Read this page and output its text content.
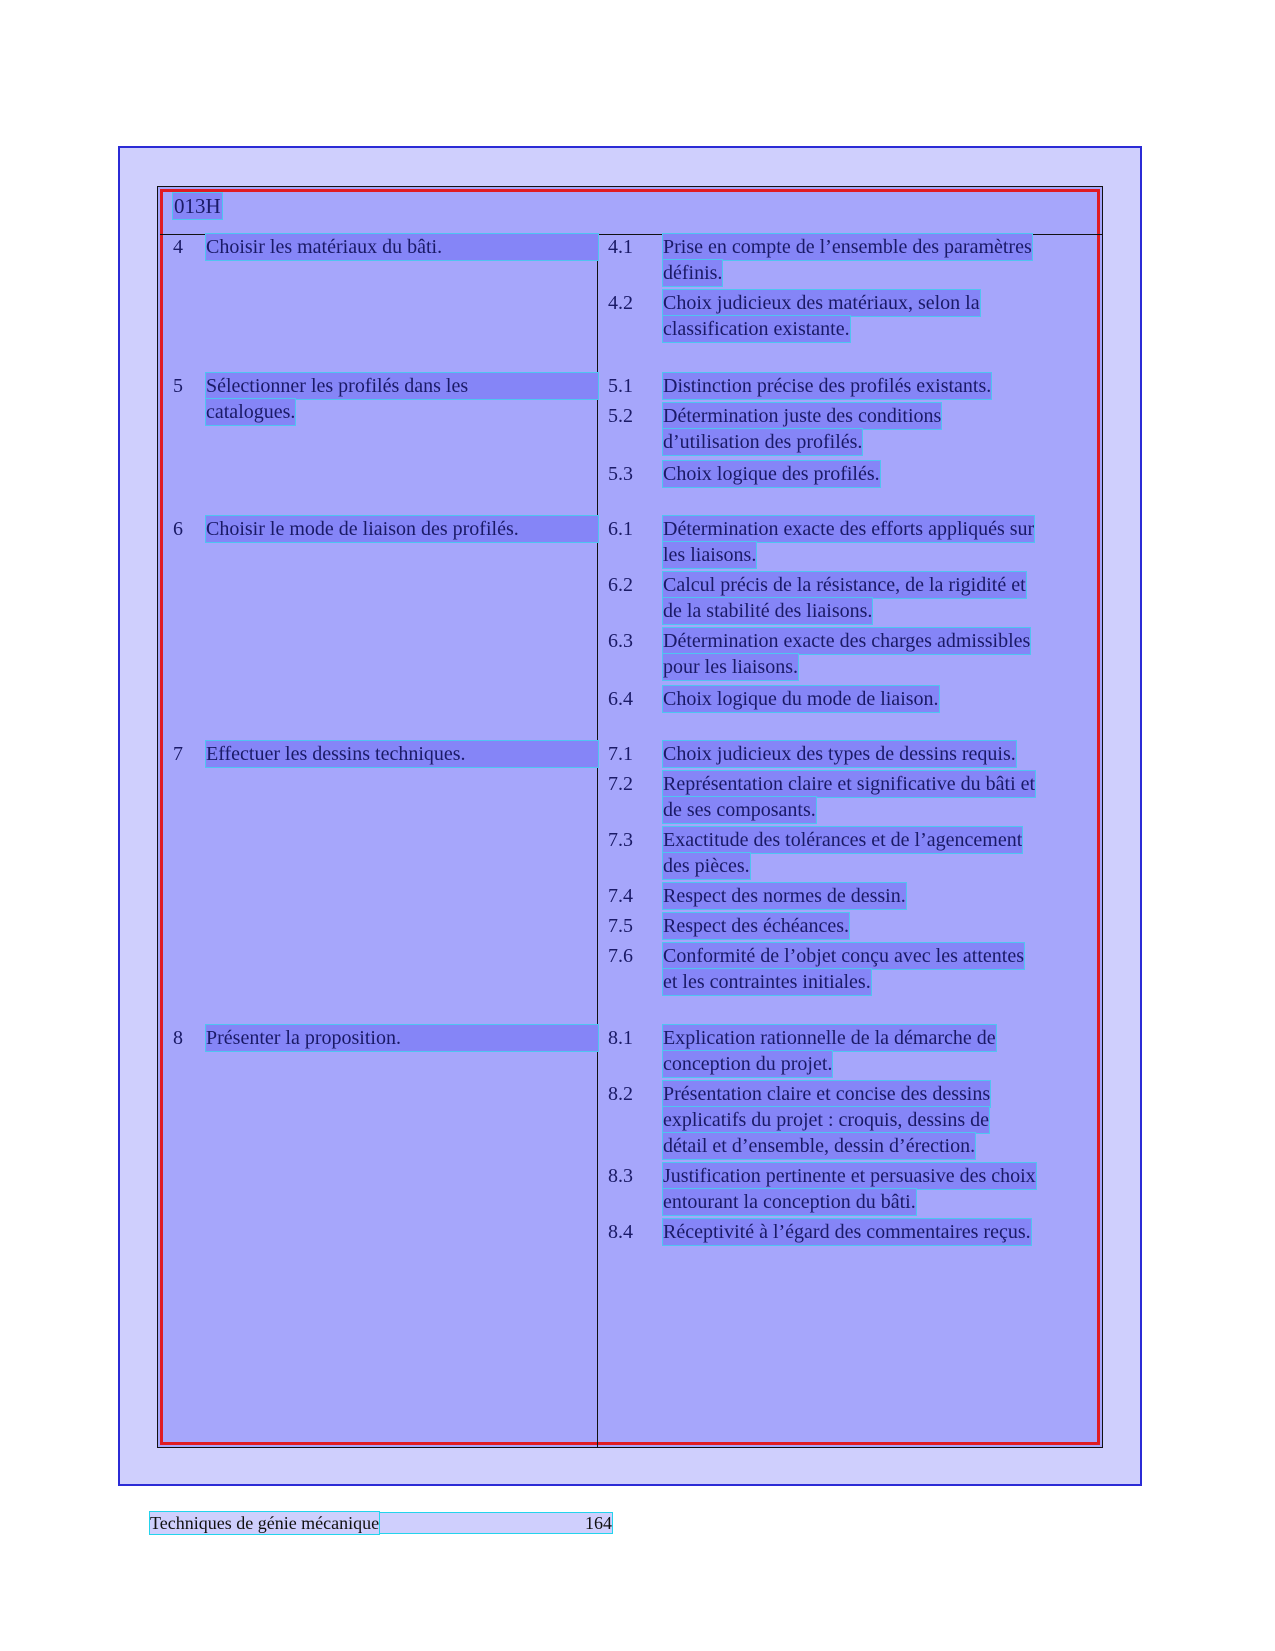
013H
4 Choisir les matériaux du bâti.	4.1 Prise en compte de l’ensemble des paramètres
définis.
4.2 Choix judicieux des matériaux, selon la
classification existante.
5 Sélectionner les profilés dans les
catalogues.
5.1 Distinction précise des profilés existants.
5.2 Détermination juste des conditions
d’utilisation des profilés.
5.3 Choix logique des profilés.
6 Choisir le mode de liaison des profilés.	6.1 Détermination exacte des efforts appliqués sur
les liaisons.
6.2 Calcul précis de la résistance, de la rigidité et
de la stabilité des liaisons.
6.3 Détermination exacte des charges admissibles
pour les liaisons.
6.4 Choix logique du mode de liaison.
7 Effectuer les dessins techniques.	7.1 Choix judicieux des types de dessins requis.
7.2 Représentation claire et significative du bâti et
de ses composants.
7.3 Exactitude des tolérances et de l’agencement
des pièces.
7.4 Respect des normes de dessin.
7.5 Respect des échéances.
7.6 Conformité de l’objet conçu avec les attentes
et les contraintes initiales.
8 Présenter la proposition.	8.1 Explication rationnelle de la démarche de
conception du projet.
8.2 Présentation claire et concise des dessins
explicatifs du projet : croquis, dessins de
détail et d’ensemble, dessin d’érection.
8.3 Justification pertinente et persuasive des choix
entourant la conception du bâti.
8.4 Réceptivité à l’égard des commentaires reçus.
Techniques de génie mécanique	164
